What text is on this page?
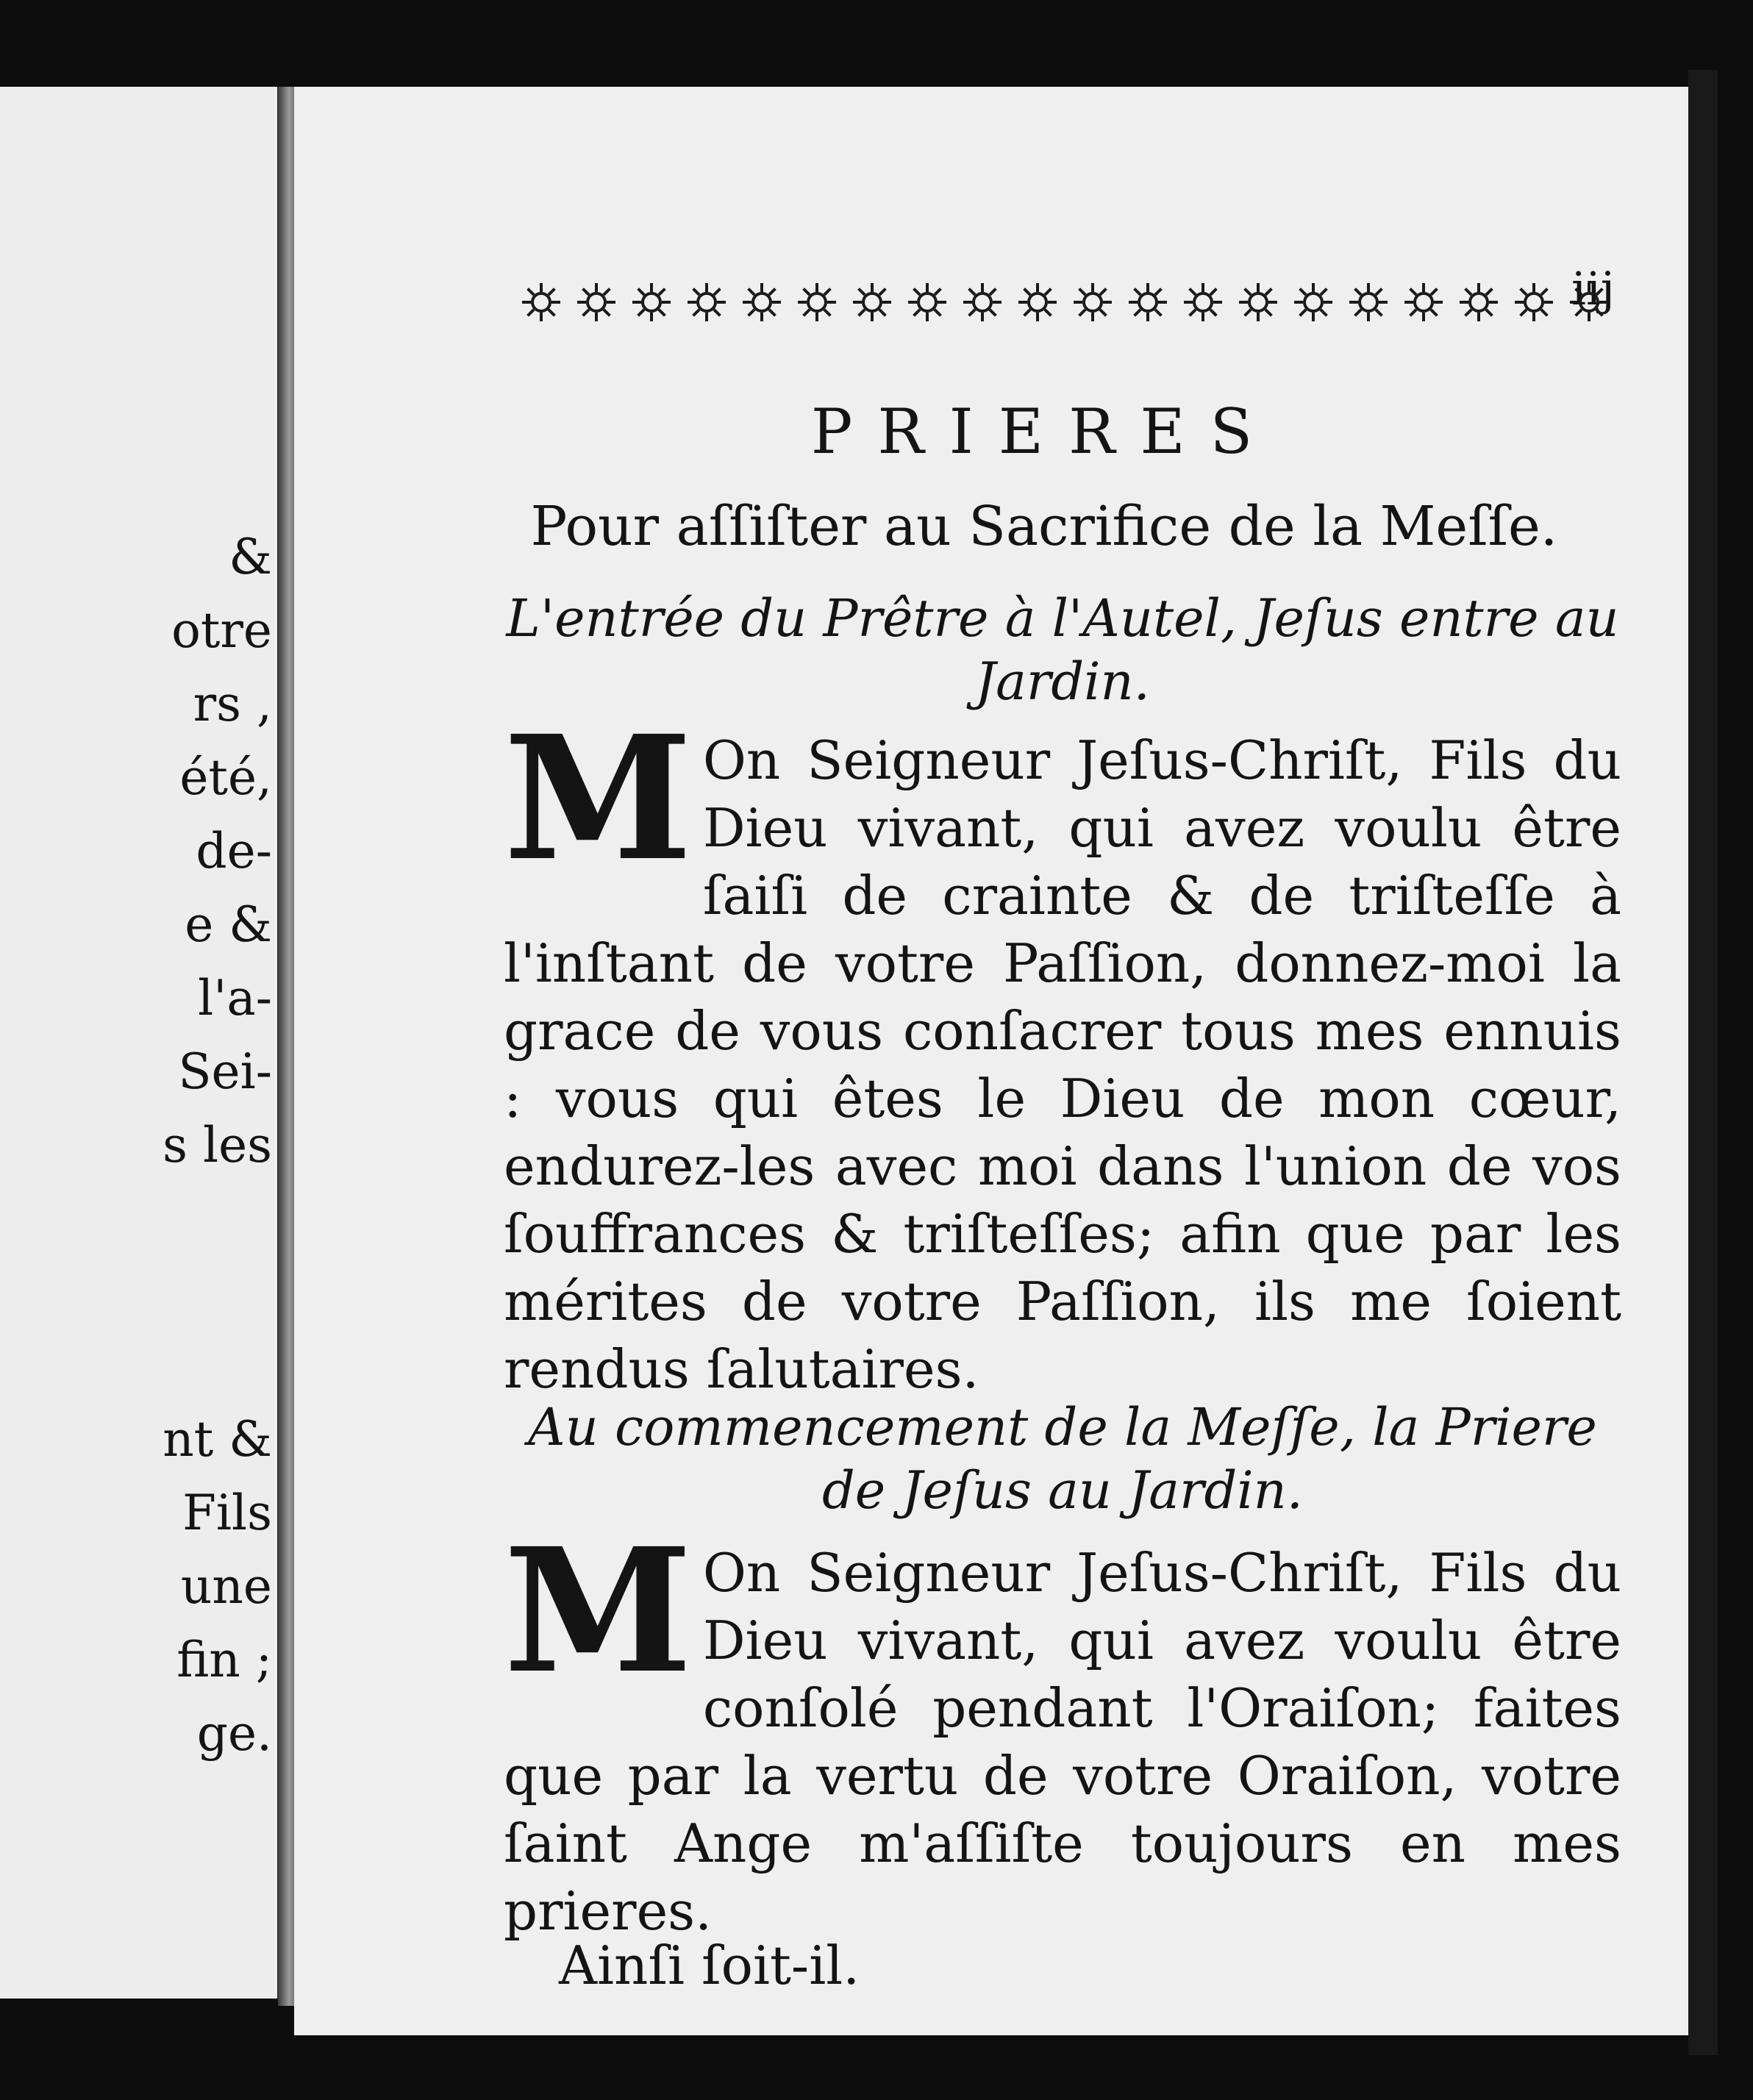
&
otre
rs ,
été,
de-
e &
l'a-
Sei-
s les
nt &
Fils
une
fin ;
ge.
iij
PRIERES
Pour aſſiſter au Sacrifice de la Meſſe.
L'entrée du Prêtre à l'Autel, Jeſus entre au Jardin.
M On Seigneur Jeſus-Chriſt, Fils du Dieu vivant, qui avez voulu être ſaiſi de crainte & de triſteſſe à l'inſtant de votre Paſſion, donnez-moi la grace de vous conſacrer tous mes ennuis : vous qui êtes le Dieu de mon cœur, endurez-les avec moi dans l'union de vos ſouffrances & triſteſſes; afin que par les mérites de votre Paſſion, ils me ſoient rendus ſalutaires.
Au commencement de la Meſſe, la Priere de Jeſus au Jardin.
M On Seigneur Jeſus-Chriſt, Fils du Dieu vivant, qui avez voulu être conſolé pendant l'Oraiſon; faites que par la vertu de votre Oraiſon, votre ſaint Ange m'aſſiſte toujours en mes prieres.
Ainſi ſoit-il.
